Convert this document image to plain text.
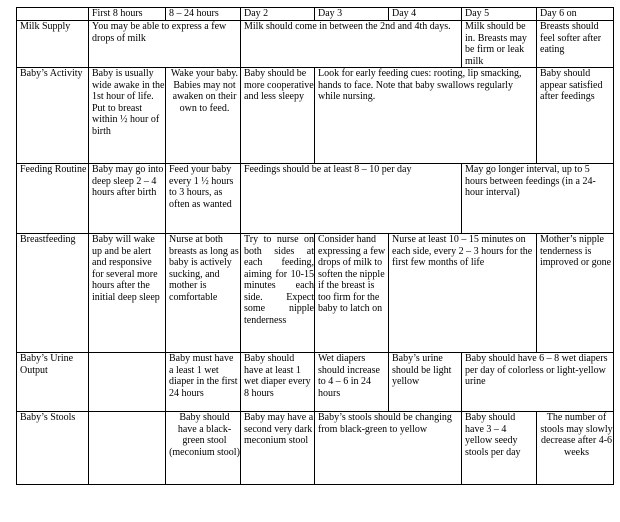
	First 8 hours	8 – 24 hours	Day 2	Day 3	Day 4	Day 5	Day 6 on
Milk Supply	You may be able to express a few drops of milk		Milk should come in between the 2nd and 4th days.			Milk should be in. Breasts may be firm or leak milk	Breasts should feel softer after eating
Baby’s Activity	Baby is usually wide awake in the 1st hour of life. Put to breast within ½ hour of birth	Wake your baby. Babies may not awaken on their own to feed.	Baby should be more cooperative and less sleepy	Look for early feeding cues: rooting, lip smacking, hands to face. Note that baby swallows regularly while nursing.			Baby should appear satisfied after feedings
Feeding Routine	Baby may go into deep sleep 2 – 4 hours after birth	Feed your baby every 1 ½ hours to 3 hours, as often as wanted	Feedings should be at least 8 – 10 per day			May go longer interval, up to 5 hours between feedings (in a 24-hour interval)	
Breastfeeding	Baby will wake up and be alert and responsive for several more hours after the initial deep sleep	Nurse at both breasts as long as baby is actively sucking, and mother is comfortable	Try to nurse on both sides at each feeding, aiming for 10-15 minutes each side. Expect some nipple tenderness	Consider hand expressing a few drops of milk to soften the nipple if the breast is too firm for the baby to latch on	Nurse at least 10 – 15 minutes on each side, every 2 – 3 hours for the first few months of life		Mother’s nipple tenderness is improved or gone
Baby’s Urine Output		Baby must have a least 1 wet diaper in the first 24 hours	Baby should have at least 1 wet diaper every 8 hours	Wet diapers should increase to 4 – 6 in 24 hours	Baby’s urine should be light yellow	Baby should have 6 – 8 wet diapers per day of colorless or light-yellow urine	
Baby’s Stools		Baby should have a black-green stool (meconium stool)	Baby may have a second very dark meconium stool	Baby’s stools should be changing from black-green to yellow		Baby should have 3 – 4 yellow seedy stools per day	The number of stools may slowly decrease after 4-6 weeks
